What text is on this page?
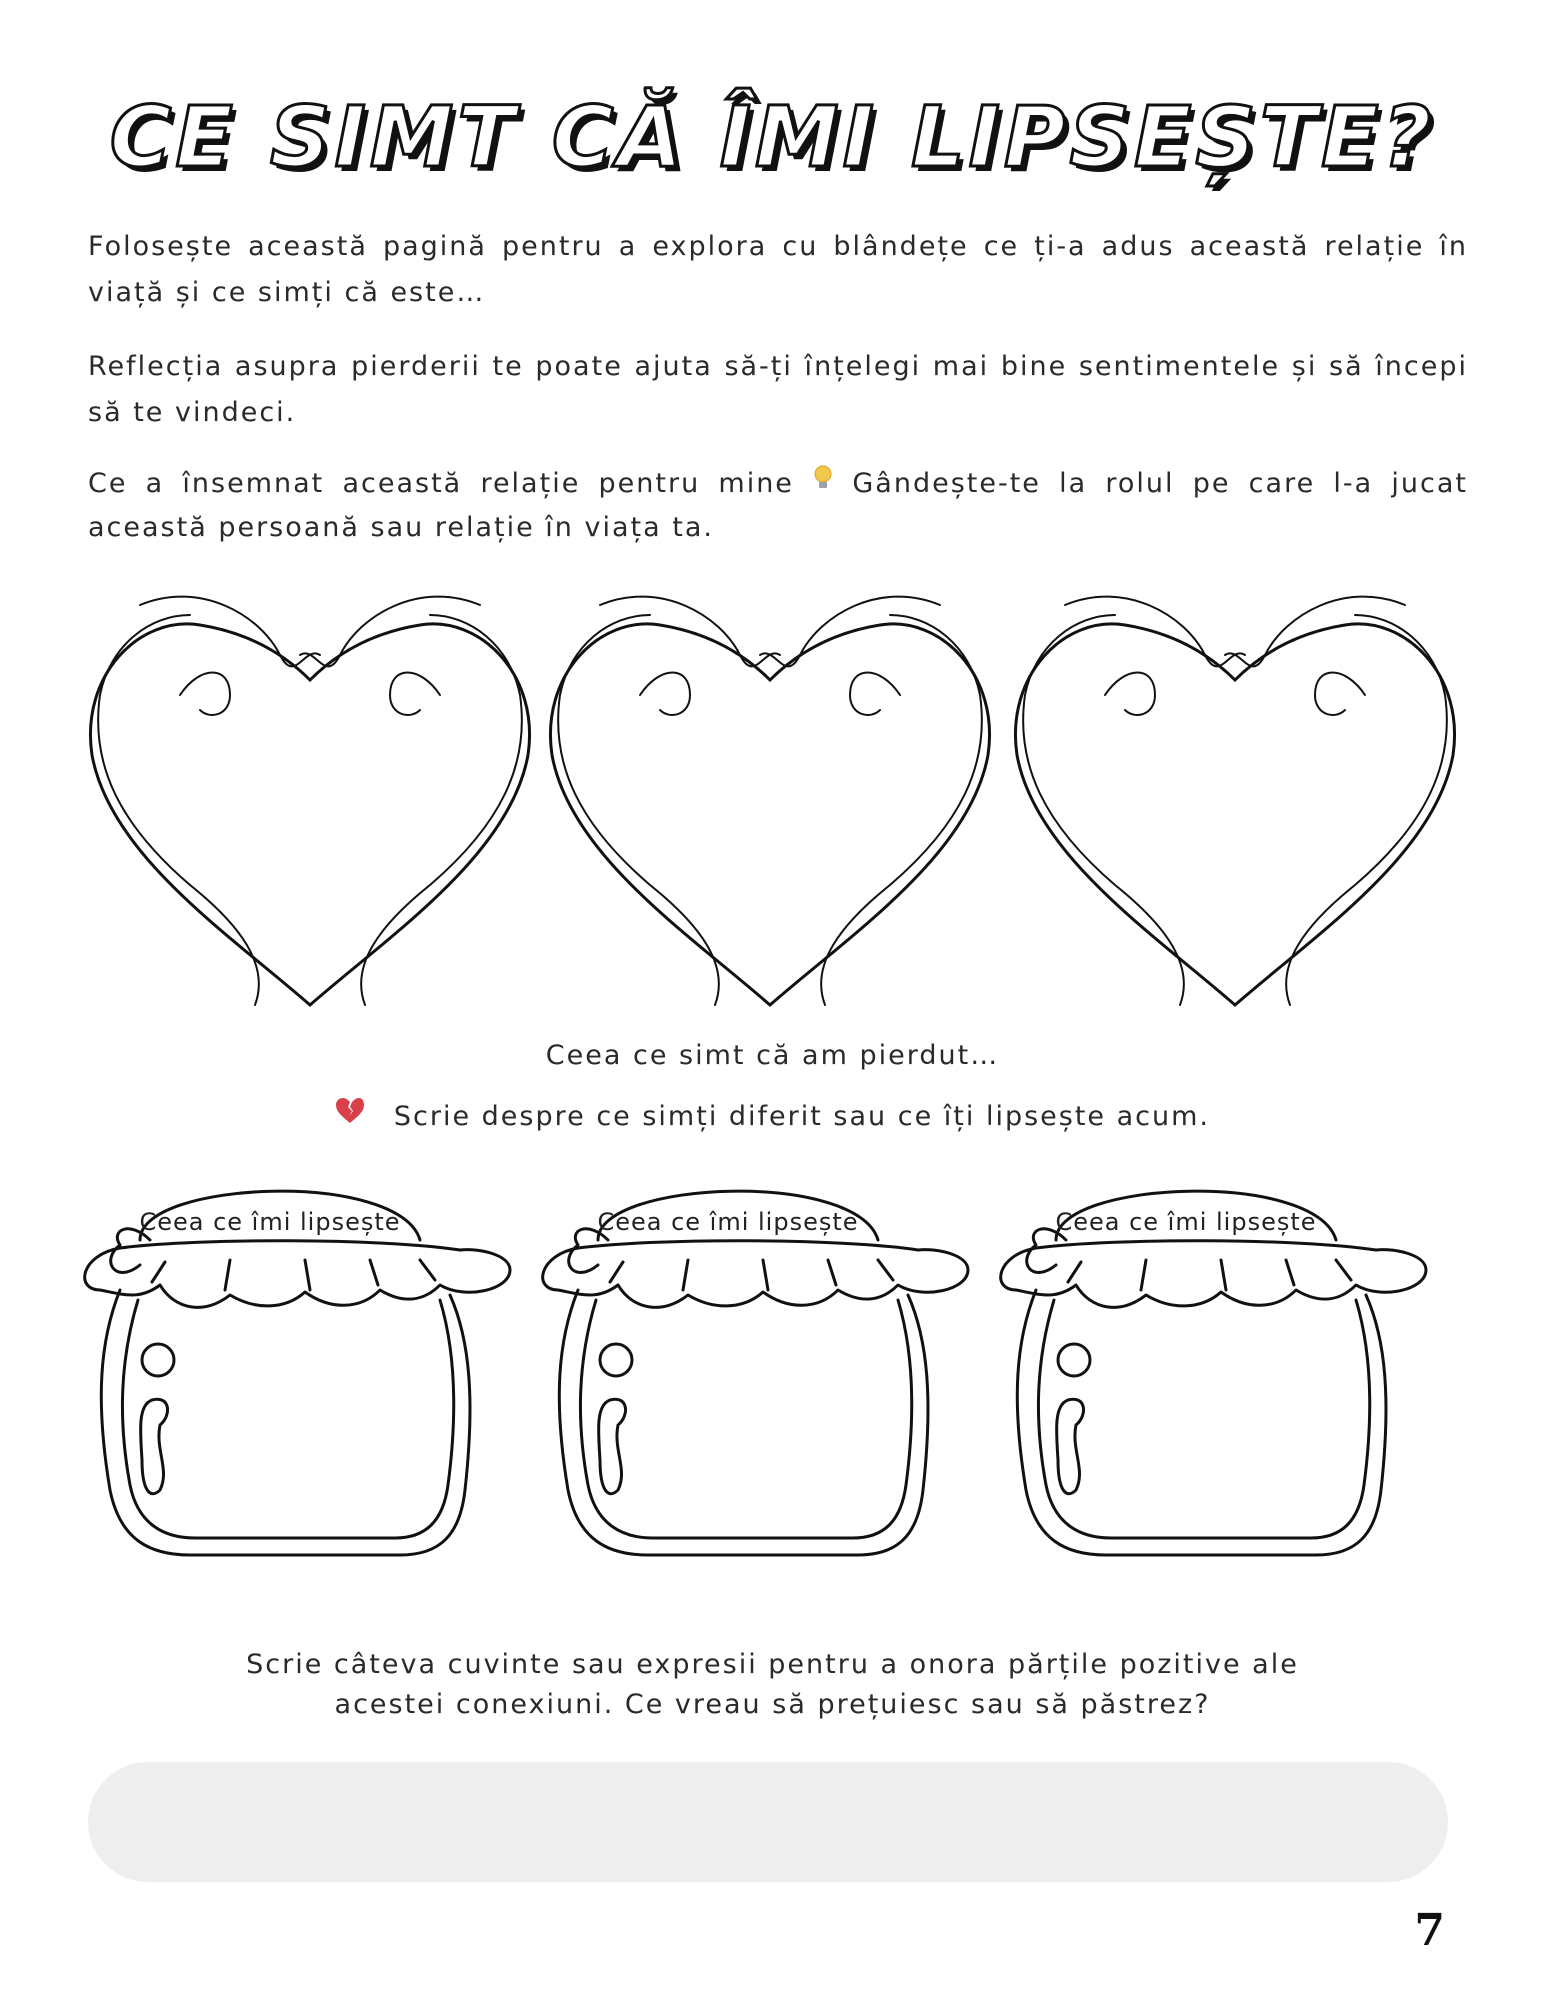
CE SIMT CĂ ÎMI LIPSEȘTE?

Folosește această pagină pentru a explora cu blândețe ce ți-a adus această relație în viață și ce simți că este…

Reflecția asupra pierderii te poate ajuta să-ți înțelegi mai bine sentimentele și să începi să te vindeci.

Ce a însemnat această relație pentru mine Gândește-te la rolul pe care l-a jucat această persoană sau relație în viața ta.

Ceea ce simt că am pierdut…

Scrie despre ce simți diferit sau ce îți lipsește acum.

Ceea ce îmi lipsește	Ceea ce îmi lipsește	Ceea ce îmi lipsește

Scrie câteva cuvinte sau expresii pentru a onora părțile pozitive ale
acestei conexiuni. Ce vreau să prețuiesc sau să păstrez?

7
